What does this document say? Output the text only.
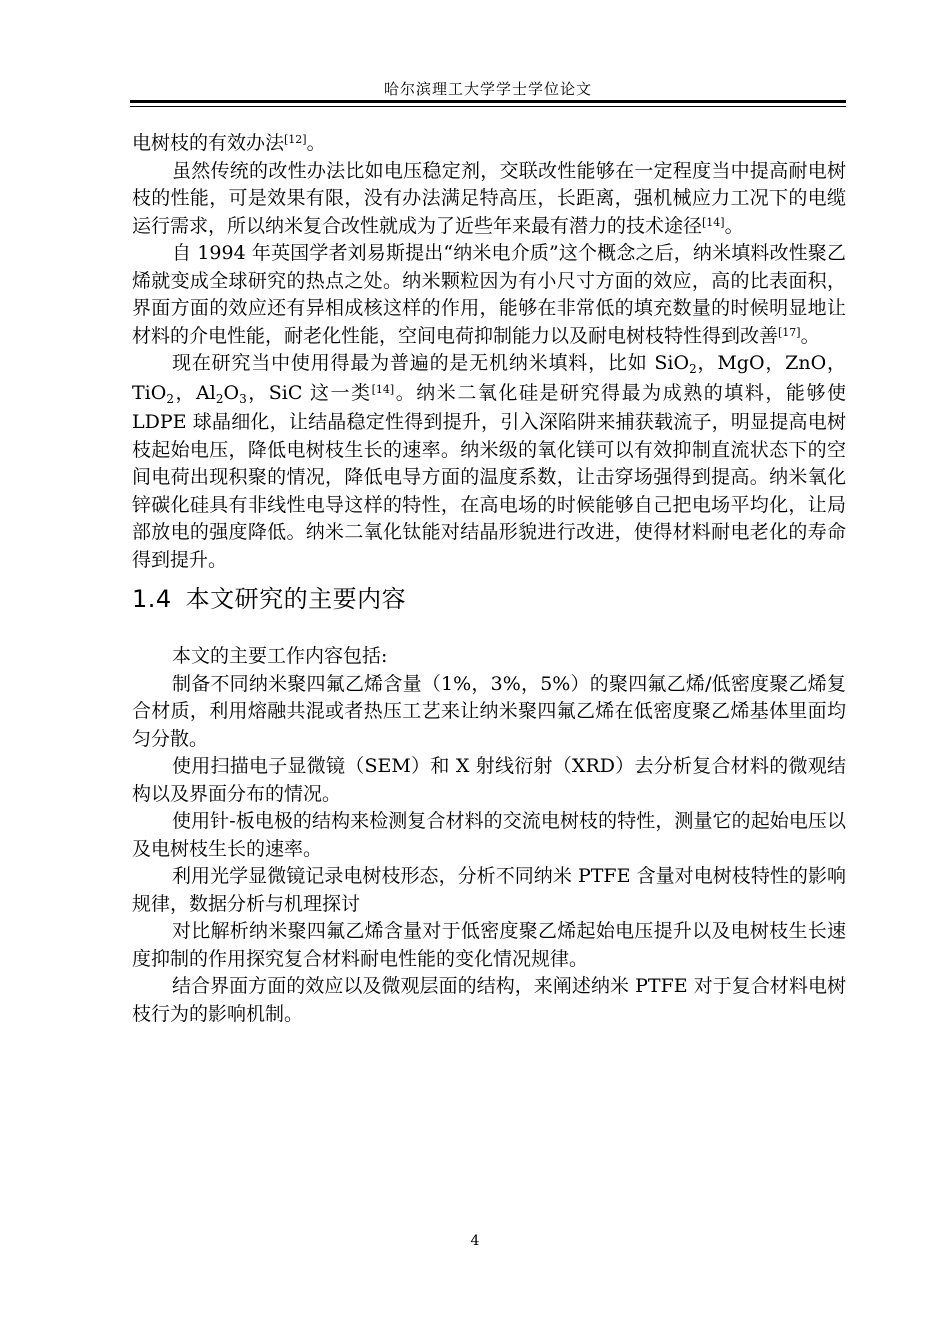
哈尔滨理工大学学士学位论文

电树枝的有效办法[12]。

虽然传统的改性办法比如电压稳定剂，交联改性能够在一定程度当中提高耐电树枝的性能，可是效果有限，没有办法满足特高压，长距离，强机械应力工况下的电缆运行需求，所以纳米复合改性就成为了近些年来最有潜力的技术途径[14]。

自 1994 年英国学者刘易斯提出“纳米电介质”这个概念之后，纳米填料改性聚乙烯就变成全球研究的热点之处。纳米颗粒因为有小尺寸方面的效应，高的比表面积，界面方面的效应还有异相成核这样的作用，能够在非常低的填充数量的时候明显地让材料的介电性能，耐老化性能，空间电荷抑制能力以及耐电树枝特性得到改善[17]。

现在研究当中使用得最为普遍的是无机纳米填料，比如 SiO$_2$，MgO，ZnO，TiO$_2$，$Al_2O_3$，SiC 这一类[14]。纳米二氧化硅是研究得最为成熟的填料，能够使 LDPE 球晶细化，让结晶稳定性得到提升，引入深陷阱来捕获载流子，明显提高电树枝起始电压，降低电树枝生长的速率。纳米级的氧化镁可以有效抑制直流状态下的空间电荷出现积聚的情况，降低电导方面的温度系数，让击穿场强得到提高。纳米氧化锌碳化硅具有非线性电导这样的特性，在高电场的时候能够自己把电场平均化，让局部放电的强度降低。纳米二氧化钛能对结晶形貌进行改进，使得材料耐电老化的寿命得到提升。

1.4 本文研究的主要内容

本文的主要工作内容包括:

制备不同纳米聚四氟乙烯含量（1%，3%，5%）的聚四氟乙烯/低密度聚乙烯复合材质，利用熔融共混或者热压工艺来让纳米聚四氟乙烯在低密度聚乙烯基体里面均匀分散。

使用扫描电子显微镜（SEM）和 X 射线衍射（XRD）去分析复合材料的微观结构以及界面分布的情况。

使用针-板电极的结构来检测复合材料的交流电树枝的特性，测量它的起始电压以及电树枝生长的速率。

利用光学显微镜记录电树枝形态，分析不同纳米 PTFE 含量对电树枝特性的影响规律，数据分析与机理探讨

对比解析纳米聚四氟乙烯含量对于低密度聚乙烯起始电压提升以及电树枝生长速度抑制的作用探究复合材料耐电性能的变化情况规律。

结合界面方面的效应以及微观层面的结构，来阐述纳米 PTFE 对于复合材料电树枝行为的影响机制。

4
